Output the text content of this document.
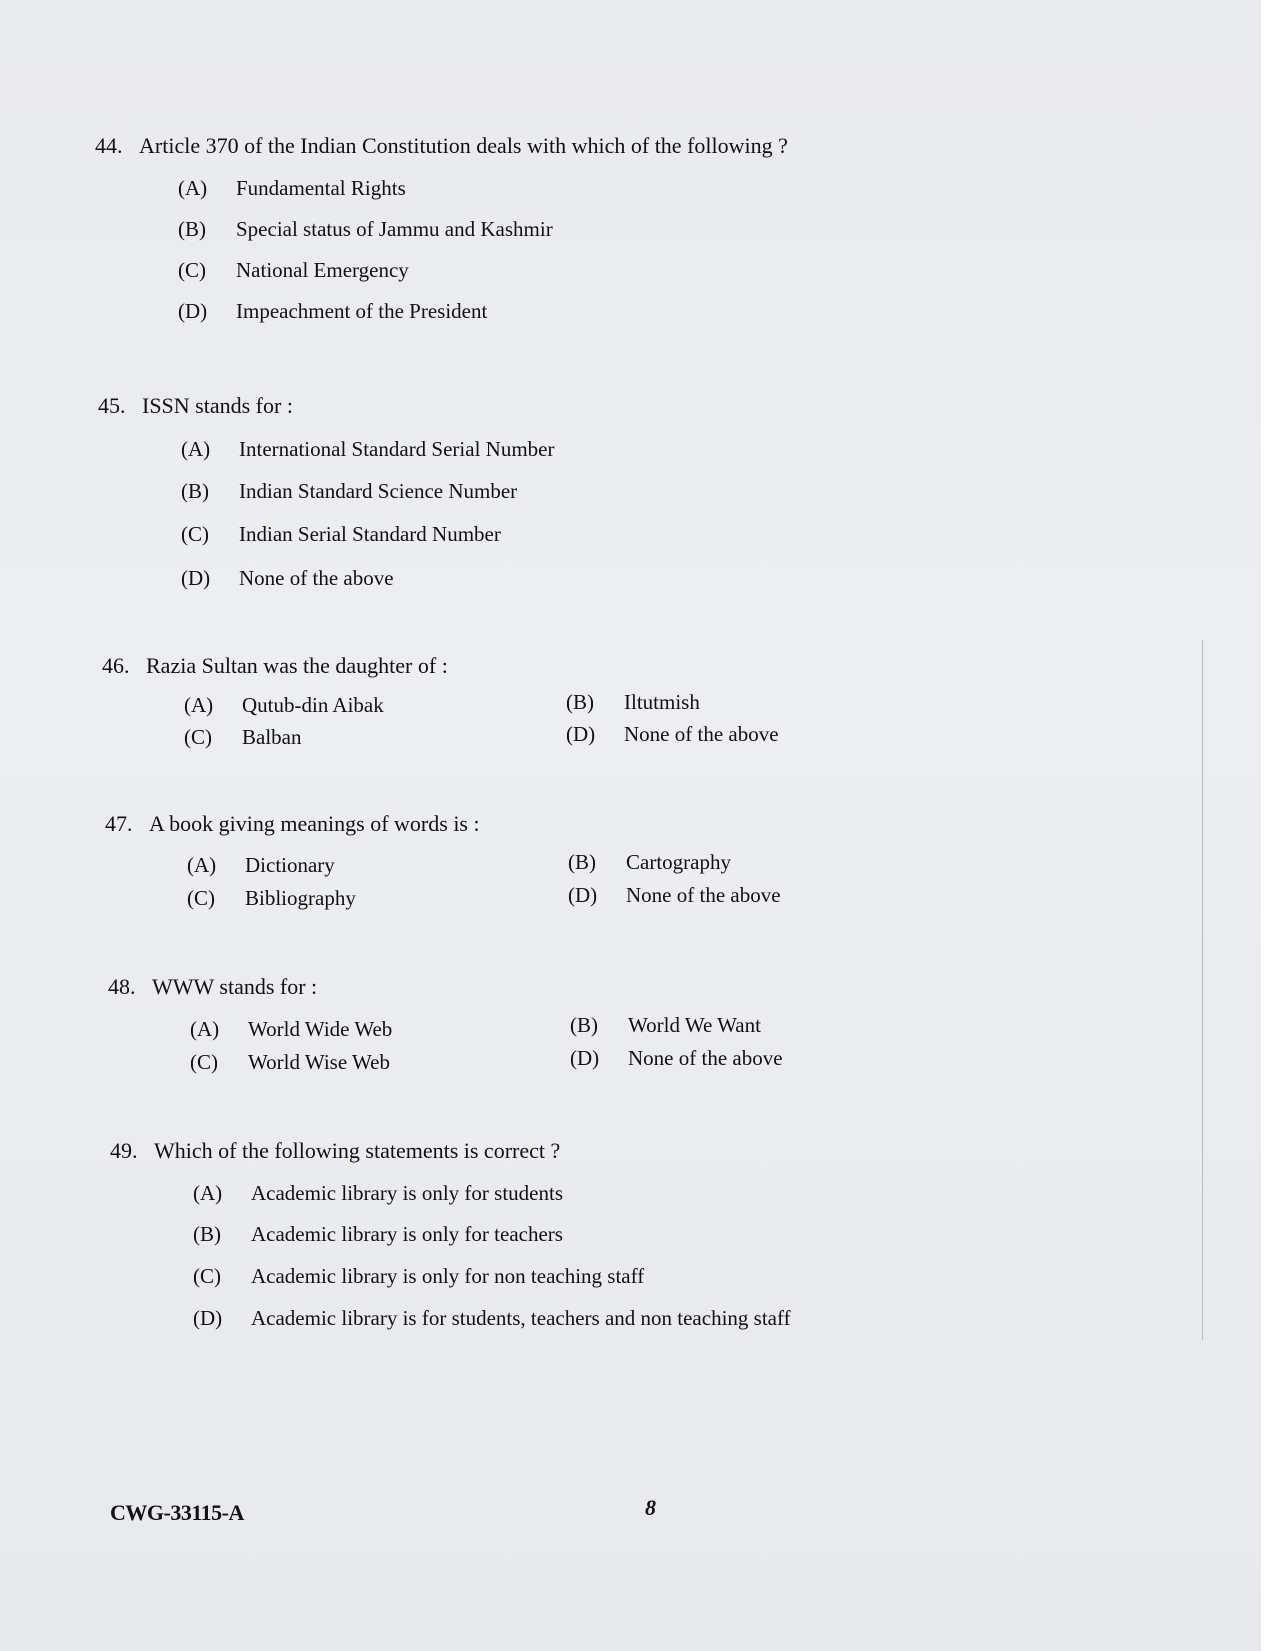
44. Article 370 of the Indian Constitution deals with which of the following ?
(A) Fundamental Rights
(B) Special status of Jammu and Kashmir
(C) National Emergency
(D) Impeachment of the President
45. ISSN stands for :
(A) International Standard Serial Number
(B) Indian Standard Science Number
(C) Indian Serial Standard Number
(D) None of the above
46. Razia Sultan was the daughter of :
(A) Qutub-din Aibak	(B) Iltutmish
(C) Balban	(D) None of the above
47. A book giving meanings of words is :
(A) Dictionary	(B) Cartography
(C) Bibliography	(D) None of the above
48. WWW stands for :
(A) World Wide Web	(B) World We Want
(C) World Wise Web	(D) None of the above
49. Which of the following statements is correct ?
(A) Academic library is only for students
(B) Academic library is only for teachers
(C) Academic library is only for non teaching staff
(D) Academic library is for students, teachers and non teaching staff
CWG-33115-A	8
